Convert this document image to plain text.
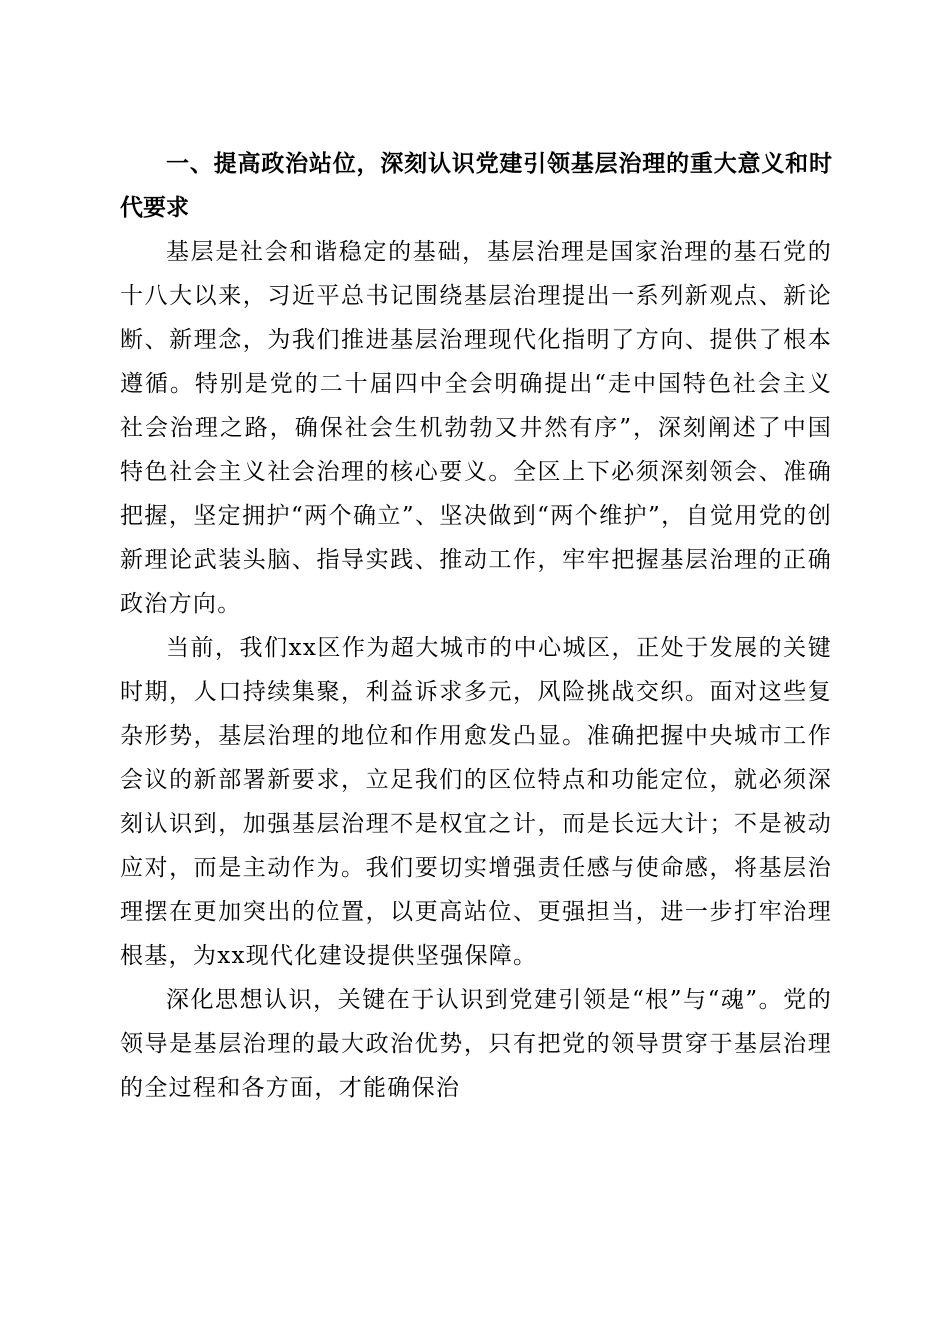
一、提高政治站位，深刻认识党建引领基层治理的重大意义和时代要求

基层是社会和谐稳定的基础，基层治理是国家治理的基石党的十八大以来，习近平总书记围绕基层治理提出一系列新观点、新论断、新理念，为我们推进基层治理现代化指明了方向、提供了根本遵循。特别是党的二十届四中全会明确提出“走中国特色社会主义社会治理之路，确保社会生机勃勃又井然有序”，深刻阐述了中国特色社会主义社会治理的核心要义。全区上下必须深刻领会、准确把握，坚定拥护“两个确立”、坚决做到“两个维护”，自觉用党的创新理论武装头脑、指导实践、推动工作，牢牢把握基层治理的正确政治方向。

当前，我们xx区作为超大城市的中心城区，正处于发展的关键时期，人口持续集聚，利益诉求多元，风险挑战交织。面对这些复杂形势，基层治理的地位和作用愈发凸显。准确把握中央城市工作会议的新部署新要求，立足我们的区位特点和功能定位，就必须深刻认识到，加强基层治理不是权宜之计，而是长远大计；不是被动应对，而是主动作为。我们要切实增强责任感与使命感，将基层治理摆在更加突出的位置，以更高站位、更强担当，进一步打牢治理根基，为xx现代化建设提供坚强保障。

深化思想认识，关键在于认识到党建引领是“根”与“魂”。党的领导是基层治理的最大政治优势，只有把党的领导贯穿于基层治理的全过程和各方面，才能确保治
